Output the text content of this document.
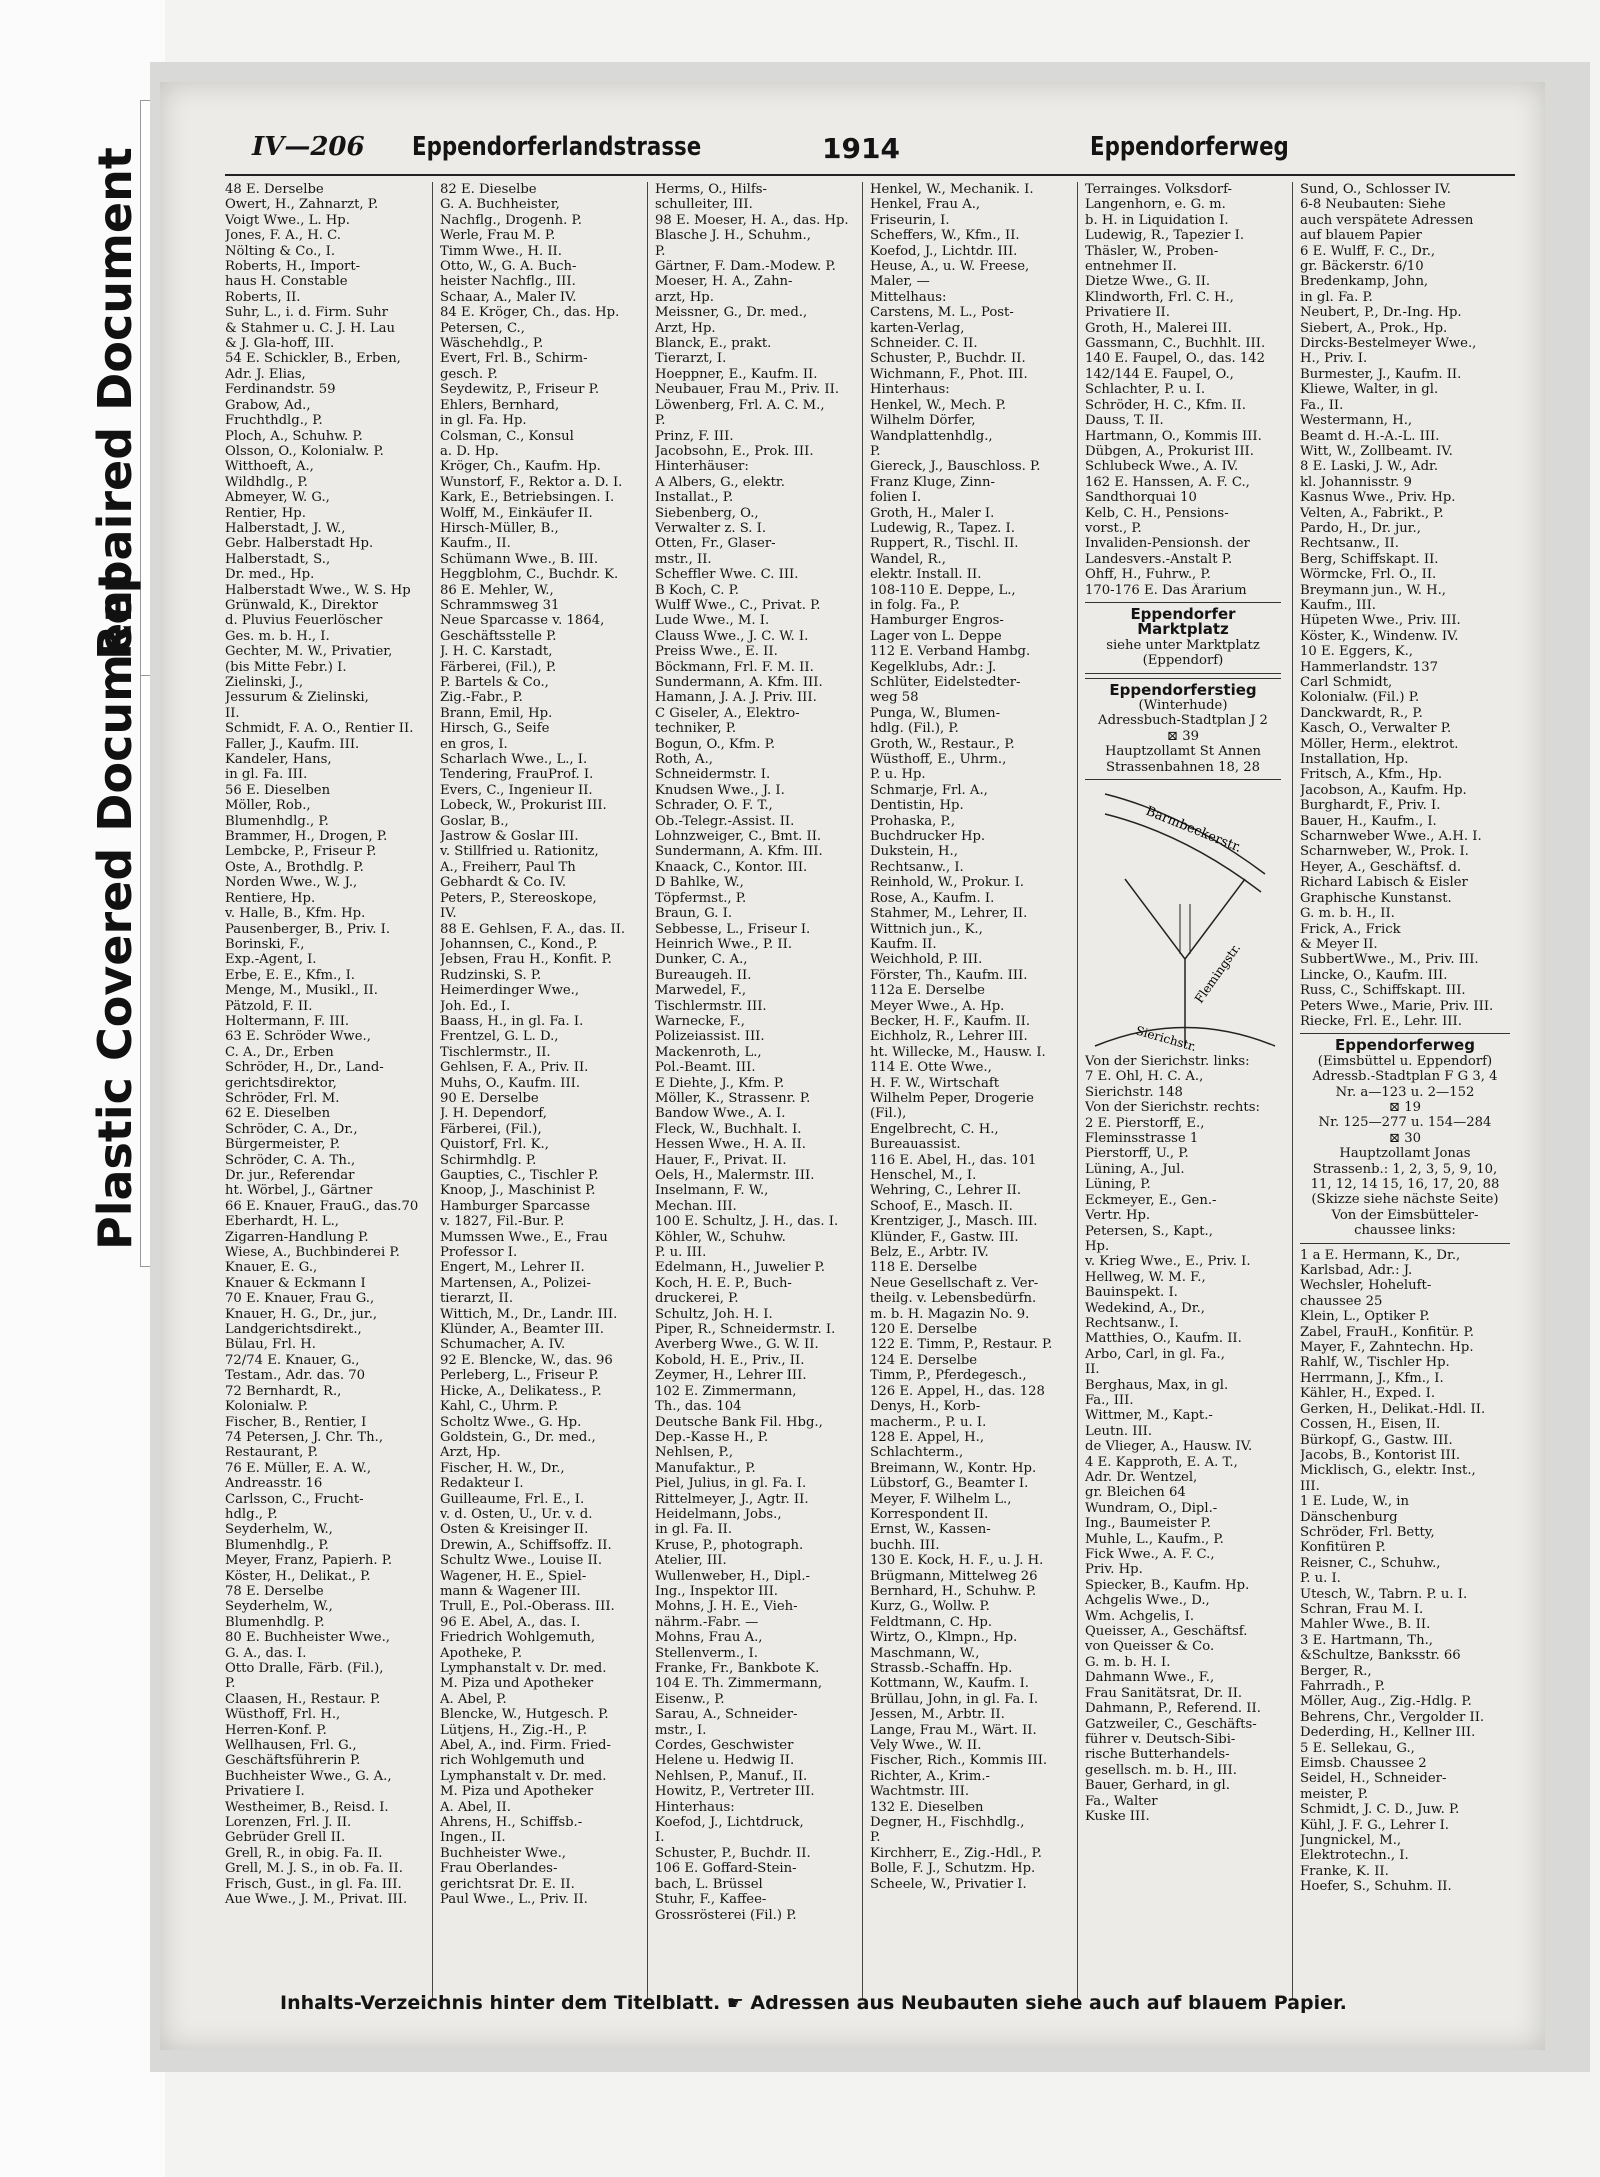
Repaired Document
Plastic Covered Document
IV—206 Eppendorferlandstrasse	1914	Eppendorferweg
48 E. Derselbe
Owert, H., Zahnarzt, P.
Voigt Wwe., L. Hp.
Jones, F. A., H. C.
Nölting & Co., I.
Roberts, H., Import-
haus H. Constable
Roberts, II.
Suhr, L., i. d. Firm. Suhr
& Stahmer u. C. J. H. Lau
& J. Gla-hoff, III.
54 E. Schickler, B., Erben,
Adr. J. Elias,
Ferdinandstr. 59
Grabow, Ad.,
Fruchthdlg., P.
Ploch, A., Schuhw. P.
Olsson, O., Kolonialw. P.
Witthoeft, A.,
Wildhdlg., P.
Abmeyer, W. G.,
Rentier, Hp.
Halberstadt, J. W.,
Gebr. Halberstadt Hp.
Halberstadt, S.,
Dr. med., Hp.
Halberstadt Wwe., W. S. Hp
Grünwald, K., Direktor
d. Pluvius Feuerlöscher
Ges. m. b. H., I.
Gechter, M. W., Privatier,
(bis Mitte Febr.) I.
Zielinski, J.,
Jessurum & Zielinski,
II.
Schmidt, F. A. O., Rentier II.
Faller, J., Kaufm. III.
Kandeler, Hans,
in gl. Fa. III.
56 E. Dieselben
Möller, Rob.,
Blumenhdlg., P.
Brammer, H., Drogen, P.
Lembcke, P., Friseur P.
Oste, A., Brothdlg. P.
Norden Wwe., W. J.,
Rentiere, Hp.
v. Halle, B., Kfm. Hp.
Pausenberger, B., Priv. I.
Borinski, F.,
Exp.-Agent, I.
Erbe, E. E., Kfm., I.
Menge, M., Musikl., II.
Pätzold, F. II.
Holtermann, F. III.
63 E. Schröder Wwe.,
C. A., Dr., Erben
Schröder, H., Dr., Land-
gerichtsdirektor,
Schröder, Frl. M.
62 E. Dieselben
Schröder, C. A., Dr.,
Bürgermeister, P.
Schröder, C. A. Th.,
Dr. jur., Referendar
ht. Wörbel, J., Gärtner
66 E. Knauer, FrauG., das.70
Eberhardt, H. L.,
Zigarren-Handlung P.
Wiese, A., Buchbinderei P.
Knauer, E. G.,
Knauer & Eckmann I
70 E. Knauer, Frau G.,
Knauer, H. G., Dr., jur.,
Landgerichtsdirekt.,
Bülau, Frl. H.
72/74 E. Knauer, G.,
Testam., Adr. das. 70
72 Bernhardt, R.,
Kolonialw. P.
Fischer, B., Rentier, I
74 Petersen, J. Chr. Th.,
Restaurant, P.
76 E. Müller, E. A. W.,
Andreasstr. 16
Carlsson, C., Frucht-
hdlg., P.
Seyderhelm, W.,
Blumenhdlg., P.
Meyer, Franz, Papierh. P.
Köster, H., Delikat., P.
78 E. Derselbe
Seyderhelm, W.,
Blumenhdlg. P.
80 E. Buchheister Wwe.,
G. A., das. I.
Otto Dralle, Färb. (Fil.),
P.
Claasen, H., Restaur. P.
Wüsthoff, Frl. H.,
Herren-Konf. P.
Wellhausen, Frl. G.,
Geschäftsführerin P.
Buchheister Wwe., G. A.,
Privatiere I.
Westheimer, B., Reisd. I.
Lorenzen, Frl. J. II.
Gebrüder Grell II.
Grell, R., in obig. Fa. II.
Grell, M. J. S., in ob. Fa. II.
Frisch, Gust., in gl. Fa. III.
Aue Wwe., J. M., Privat. III.
82 E. Dieselbe
G. A. Buchheister,
Nachflg., Drogenh. P.
Werle, Frau M. P.
Timm Wwe., H. II.
Otto, W., G. A. Buch-
heister Nachflg., III.
Schaar, A., Maler IV.
84 E. Kröger, Ch., das. Hp.
Petersen, C.,
Wäschehdlg., P.
Evert, Frl. B., Schirm-
gesch. P.
Seydewitz, P., Friseur P.
Ehlers, Bernhard,
in gl. Fa. Hp.
Colsman, C., Konsul
a. D. Hp.
Kröger, Ch., Kaufm. Hp.
Wunstorf, F., Rektor a. D. I.
Kark, E., Betriebsingen. I.
Wolff, M., Einkäufer II.
Hirsch-Müller, B.,
Kaufm., II.
Schümann Wwe., B. III.
Heggblohm, C., Buchdr. K.
86 E. Mehler, W.,
Schrammsweg 31
Neue Sparcasse v. 1864,
Geschäftsstelle P.
J. H. C. Karstadt,
Färberei, (Fil.), P.
P. Bartels & Co.,
Zig.-Fabr., P.
Brann, Emil, Hp.
Hirsch, G., Seife
en gros, I.
Scharlach Wwe., L., I.
Tendering, FrauProf. I.
Evers, C., Ingenieur II.
Lobeck, W., Prokurist III.
Goslar, B.,
Jastrow & Goslar III.
v. Stillfried u. Rationitz,
A., Freiherr, Paul Th
Gebhardt & Co. IV.
Peters, P., Stereoskope,
IV.
88 E. Gehlsen, F. A., das. II.
Johannsen, C., Kond., P.
Jebsen, Frau H., Konfit. P.
Rudzinski, S. P.
Heimerdinger Wwe.,
Joh. Ed., I.
Baass, H., in gl. Fa. I.
Frentzel, G. L. D.,
Tischlermstr., II.
Gehlsen, F. A., Priv. II.
Muhs, O., Kaufm. III.
90 E. Derselbe
J. H. Dependorf,
Färberei, (Fil.),
Quistorf, Frl. K.,
Schirmhdlg. P.
Gaupties, C., Tischler P.
Knoop, J., Maschinist P.
Hamburger Sparcasse
v. 1827, Fil.-Bur. P.
Mumssen Wwe., E., Frau
Professor I.
Engert, M., Lehrer II.
Martensen, A., Polizei-
tierarzt, II.
Wittich, M., Dr., Landr. III.
Klünder, A., Beamter III.
Schumacher, A. IV.
92 E. Blencke, W., das. 96
Perleberg, L., Friseur P.
Hicke, A., Delikatess., P.
Kahl, C., Uhrm. P.
Scholtz Wwe., G. Hp.
Goldstein, G., Dr. med.,
Arzt, Hp.
Fischer, H. W., Dr.,
Redakteur I.
Guilleaume, Frl. E., I.
v. d. Osten, U., Ur. v. d.
Osten & Kreisinger II.
Drewin, A., Schiffsoffz. II.
Schultz Wwe., Louise II.
Wagener, H. E., Spiel-
mann & Wagener III.
Trull, E., Pol.-Oberass. III.
96 E. Abel, A., das. I.
Friedrich Wohlgemuth,
Apotheke, P.
Lymphanstalt v. Dr. med.
M. Piza und Apotheker
A. Abel, P.
Blencke, W., Hutgesch. P.
Lütjens, H., Zig.-H., P.
Abel, A., ind. Firm. Fried-
rich Wohlgemuth und
Lymphanstalt v. Dr. med.
M. Piza und Apotheker
A. Abel, II.
Ahrens, H., Schiffsb.-
Ingen., II.
Buchheister Wwe.,
Frau Oberlandes-
gerichtsrat Dr. E. II.
Paul Wwe., L., Priv. II.
Herms, O., Hilfs-
schulleiter, III.
98 E. Moeser, H. A., das. Hp.
Blasche J. H., Schuhm.,
P.
Gärtner, F. Dam.-Modew. P.
Moeser, H. A., Zahn-
arzt, Hp.
Meissner, G., Dr. med.,
Arzt, Hp.
Blanck, E., prakt.
Tierarzt, I.
Hoeppner, E., Kaufm. II.
Neubauer, Frau M., Priv. II.
Löwenberg, Frl. A. C. M.,
P.
Prinz, F. III.
Jacobsohn, E., Prok. III.
Hinterhäuser:
A Albers, G., elektr.
Installat., P.
Siebenberg, O.,
Verwalter z. S. I.
Otten, Fr., Glaser-
mstr., II.
Scheffler Wwe. C. III.
B Koch, C. P.
Wulff Wwe., C., Privat. P.
Lude Wwe., M. I.
Clauss Wwe., J. C. W. I.
Preiss Wwe., E. II.
Böckmann, Frl. F. M. II.
Sundermann, A. Kfm. III.
Hamann, J. A. J. Priv. III.
C Giseler, A., Elektro-
techniker, P.
Bogun, O., Kfm. P.
Roth, A.,
Schneidermstr. I.
Knudsen Wwe., J. I.
Schrader, O. F. T.,
Ob.-Telegr.-Assist. II.
Lohnzweiger, C., Bmt. II.
Sundermann, A. Kfm. III.
Knaack, C., Kontor. III.
D Bahlke, W.,
Töpfermst., P.
Braun, G. I.
Sebbesse, L., Friseur I.
Heinrich Wwe., P. II.
Dunker, C. A.,
Bureaugeh. II.
Marwedel, F.,
Tischlermstr. III.
Warnecke, F.,
Polizeiassist. III.
Mackenroth, L.,
Pol.-Beamt. III.
E Diehte, J., Kfm. P.
Möller, K., Strassenr. P.
Bandow Wwe., A. I.
Fleck, W., Buchhalt. I.
Hessen Wwe., H. A. II.
Hauer, F., Privat. II.
Oels, H., Malermstr. III.
Inselmann, F. W.,
Mechan. III.
100 E. Schultz, J. H., das. I.
Köhler, W., Schuhw.
P. u. III.
Edelmann, H., Juwelier P.
Koch, H. E. P., Buch-
druckerei, P.
Schultz, Joh. H. I.
Piper, R., Schneidermstr. I.
Averberg Wwe., G. W. II.
Kobold, H. E., Priv., II.
Zeymer, H., Lehrer III.
102 E. Zimmermann,
Th., das. 104
Deutsche Bank Fil. Hbg.,
Dep.-Kasse H., P.
Nehlsen, P.,
Manufaktur., P.
Piel, Julius, in gl. Fa. I.
Rittelmeyer, J., Agtr. II.
Heidelmann, Jobs.,
in gl. Fa. II.
Kruse, P., photograph.
Atelier, III.
Wullenweber, H., Dipl.-
Ing., Inspektor III.
Mohns, J. H. E., Vieh-
nährm.-Fabr. —
Mohns, Frau A.,
Stellenverm., I.
Franke, Fr., Bankbote K.
104 E. Th. Zimmermann,
Eisenw., P.
Sarau, A., Schneider-
mstr., I.
Cordes, Geschwister
Helene u. Hedwig II.
Nehlsen, P., Manuf., II.
Howitz, P., Vertreter III.
Hinterhaus:
Koefod, J., Lichtdruck,
I.
Schuster, P., Buchdr. II.
106 E. Goffard-Stein-
bach, L. Brüssel
Stuhr, F., Kaffee-
Grossrösterei (Fil.) P.
Henkel, W., Mechanik. I.
Henkel, Frau A.,
Friseurin, I.
Scheffers, W., Kfm., II.
Koefod, J., Lichtdr. III.
Heuse, A., u. W. Freese,
Maler, —
Mittelhaus:
Carstens, M. L., Post-
karten-Verlag,
Schneider. C. II.
Schuster, P., Buchdr. II.
Wichmann, F., Phot. III.
Hinterhaus:
Henkel, W., Mech. P.
Wilhelm Dörfer,
Wandplattenhdlg.,
P.
Giereck, J., Bauschloss. P.
Franz Kluge, Zinn-
folien I.
Groth, H., Maler I.
Ludewig, R., Tapez. I.
Ruppert, R., Tischl. II.
Wandel, R.,
elektr. Install. II.
108-110 E. Deppe, L.,
in folg. Fa., P.
Hamburger Engros-
Lager von L. Deppe
112 E. Verband Hambg.
Kegelklubs, Adr.: J.
Schlüter, Eidelstedter-
weg 58
Punga, W., Blumen-
hdlg. (Fil.), P.
Groth, W., Restaur., P.
Wüsthoff, E., Uhrm.,
P. u. Hp.
Schmarje, Frl. A.,
Dentistin, Hp.
Prohaska, P.,
Buchdrucker Hp.
Dukstein, H.,
Rechtsanw., I.
Reinhold, W., Prokur. I.
Rose, A., Kaufm. I.
Stahmer, M., Lehrer, II.
Wittnich jun., K.,
Kaufm. II.
Weichhold, P. III.
Förster, Th., Kaufm. III.
112a E. Derselbe
Meyer Wwe., A. Hp.
Becker, H. F., Kaufm. II.
Eichholz, R., Lehrer III.
ht. Willecke, M., Hausw. I.
114 E. Otte Wwe.,
H. F. W., Wirtschaft
Wilhelm Peper, Drogerie
(Fil.),
Engelbrecht, C. H.,
Bureauassist.
116 E. Abel, H., das. 101
Henschel, M., I.
Wehring, C., Lehrer II.
Schoof, E., Masch. II.
Krentziger, J., Masch. III.
Klünder, F., Gastw. III.
Belz, E., Arbtr. IV.
118 E. Derselbe
Neue Gesellschaft z. Ver-
theilg. v. Lebensbedürfn.
m. b. H. Magazin No. 9.
120 E. Derselbe
122 E. Timm, P., Restaur. P.
124 E. Derselbe
Timm, P., Pferdegesch.,
126 E. Appel, H., das. 128
Denys, H., Korb-
macherm., P. u. I.
128 E. Appel, H.,
Schlachterm.,
Breimann, W., Kontr. Hp.
Lübstorf, G., Beamter I.
Meyer, F. Wilhelm L.,
Korrespondent II.
Ernst, W., Kassen-
buchh. III.
130 E. Kock, H. F., u. J. H.
Brügmann, Mittelweg 26
Bernhard, H., Schuhw. P.
Kurz, G., Wollw. P.
Feldtmann, C. Hp.
Wirtz, O., Klmpn., Hp.
Maschmann, W.,
Strassb.-Schaffn. Hp.
Kottmann, W., Kaufm. I.
Brüllau, John, in gl. Fa. I.
Jessen, M., Arbtr. II.
Lange, Frau M., Wärt. II.
Vely Wwe., W. II.
Fischer, Rich., Kommis III.
Richter, A., Krim.-
Wachtmstr. III.
132 E. Dieselben
Degner, H., Fischhdlg.,
P.
Kirchherr, E., Zig.-Hdl., P.
Bolle, F. J., Schutzm. Hp.
Scheele, W., Privatier I.
Terrainges. Volksdorf-
Langenhorn, e. G. m.
b. H. in Liquidation I.
Ludewig, R., Tapezier I.
Thäsler, W., Proben-
entnehmer II.
Dietze Wwe., G. II.
Klindworth, Frl. C. H.,
Privatiere II.
Groth, H., Malerei III.
Gassmann, C., Buchhlt. III.
140 E. Faupel, O., das. 142
142/144 E. Faupel, O.,
Schlachter, P. u. I.
Schröder, H. C., Kfm. II.
Dauss, T. II.
Hartmann, O., Kommis III.
Dübgen, A., Prokurist III.
Schlubeck Wwe., A. IV.
162 E. Hanssen, A. F. C.,
Sandthorquai 10
Kelb, C. H., Pensions-
vorst., P.
Invaliden-Pensionsh. der
Landesvers.-Anstalt P.
Ohff, H., Fuhrw., P.
170-176 E. Das Ärarium
Eppendorfer Marktplatz
siehe unter Marktplatz
(Eppendorf)
Eppendorferstieg
(Winterhude)
Adressbuch-Stadtplan J 2
⊠ 39
Hauptzollamt St Annen
Strassenbahnen 18, 28
Barmbeckerstr.
Flemingstr.
Sierichstr.
Von der Sierichstr. links:
7 E. Ohl, H. C. A.,
Sierichstr. 148
Von der Sierichstr. rechts:
2 E. Pierstorff, E.,
Fleminsstrasse 1
Pierstorff, U., P.
Lüning, A., Jul.
Lüning, P.
Eckmeyer, E., Gen.-
Vertr. Hp.
Petersen, S., Kapt.,
Hp.
v. Krieg Wwe., E., Priv. I.
Hellweg, W. M. F.,
Bauinspekt. I.
Wedekind, A., Dr.,
Rechtsanw., I.
Matthies, O., Kaufm. II.
Arbo, Carl, in gl. Fa.,
II.
Berghaus, Max, in gl.
Fa., III.
Wittmer, M., Kapt.-
Leutn. III.
de Vlieger, A., Hausw. IV.
4 E. Kapproth, E. A. T.,
Adr. Dr. Wentzel,
gr. Bleichen 64
Wundram, O., Dipl.-
Ing., Baumeister P.
Muhle, L., Kaufm., P.
Fick Wwe., A. F. C.,
Priv. Hp.
Spiecker, B., Kaufm. Hp.
Achgelis Wwe., D.,
Wm. Achgelis, I.
Queisser, A., Geschäftsf.
von Queisser & Co.
G. m. b. H. I.
Dahmann Wwe., F.,
Frau Sanitätsrat, Dr. II.
Dahmann, P., Referend. II.
Gatzweiler, C., Geschäfts-
führer v. Deutsch-Sibi-
rische Butterhandels-
gesellsch. m. b. H., III.
Bauer, Gerhard, in gl.
Fa., Walter
Kuske III.
Sund, O., Schlosser IV.
6-8 Neubauten: Siehe
auch verspätete Adressen
auf blauem Papier
6 E. Wulff, F. C., Dr.,
gr. Bäckerstr. 6/10
Bredenkamp, John,
in gl. Fa. P.
Neubert, P., Dr.-Ing. Hp.
Siebert, A., Prok., Hp.
Dircks-Bestelmeyer Wwe.,
H., Priv. I.
Burmester, J., Kaufm. II.
Kliewe, Walter, in gl.
Fa., II.
Westermann, H.,
Beamt d. H.-A.-L. III.
Witt, W., Zollbeamt. IV.
8 E. Laski, J. W., Adr.
kl. Johannisstr. 9
Kasnus Wwe., Priv. Hp.
Velten, A., Fabrikt., P.
Pardo, H., Dr. jur.,
Rechtsanw., II.
Berg, Schiffskapt. II.
Wörmcke, Frl. O., II.
Breymann jun., W. H.,
Kaufm., III.
Hüpeten Wwe., Priv. III.
Köster, K., Windenw. IV.
10 E. Eggers, K.,
Hammerlandstr. 137
Carl Schmidt,
Kolonialw. (Fil.) P.
Danckwardt, R., P.
Kasch, O., Verwalter P.
Möller, Herm., elektrot.
Installation, Hp.
Fritsch, A., Kfm., Hp.
Jacobson, A., Kaufm. Hp.
Burghardt, F., Priv. I.
Bauer, H., Kaufm., I.
Scharnweber Wwe., A.H. I.
Scharnweber, W., Prok. I.
Heyer, A., Geschäftsf. d.
Richard Labisch & Eisler
Graphische Kunstanst.
G. m. b. H., II.
Frick, A., Frick
& Meyer II.
SubbertWwe., M., Priv. III.
Lincke, O., Kaufm. III.
Russ, C., Schiffskapt. III.
Peters Wwe., Marie, Priv. III.
Riecke, Frl. E., Lehr. III.
Eppendorferweg
(Eimsbüttel u. Eppendorf)
Adressb.-Stadtplan F G 3, 4
Nr. a—123 u. 2—152
⊠ 19
Nr. 125—277 u. 154—284
⊠ 30
Hauptzollamt Jonas
Strassenb.: 1, 2, 3, 5, 9, 10,
11, 12, 14 15, 16, 17, 20, 88
(Skizze siehe nächste Seite)
Von der Eimsbütteler-
chaussee links:
1 a E. Hermann, K., Dr.,
Karlsbad, Adr.: J.
Wechsler, Hoheluft-
chaussee 25
Klein, L., Optiker P.
Zabel, FrauH., Konfitür. P.
Mayer, F., Zahntechn. Hp.
Rahlf, W., Tischler Hp.
Herrmann, J., Kfm., I.
Kähler, H., Exped. I.
Gerken, H., Delikat.-Hdl. II.
Cossen, H., Eisen, II.
Bürkopf, G., Gastw. III.
Jacobs, B., Kontorist III.
Micklisch, G., elektr. Inst.,
III.
1 E. Lude, W., in
Dänschenburg
Schröder, Frl. Betty,
Konfitüren P.
Reisner, C., Schuhw.,
P. u. I.
Utesch, W., Tabrn. P. u. I.
Schran, Frau M. I.
Mahler Wwe., B. II.
3 E. Hartmann, Th.,
&Schultze, Banksstr. 66
Berger, R.,
Fahrradh., P.
Möller, Aug., Zig.-Hdlg. P.
Behrens, Chr., Vergolder II.
Dederding, H., Kellner III.
5 E. Sellekau, G.,
Eimsb. Chaussee 2
Seidel, H., Schneider-
meister, P.
Schmidt, J. C. D., Juw. P.
Kühl, J. F. G., Lehrer I.
Jungnickel, M.,
Elektrotechn., I.
Franke, K. II.
Hoefer, S., Schuhm. II.
Inhalts-Verzeichnis hinter dem Titelblatt. ☛ Adressen aus Neubauten siehe auch auf blauem Papier.
